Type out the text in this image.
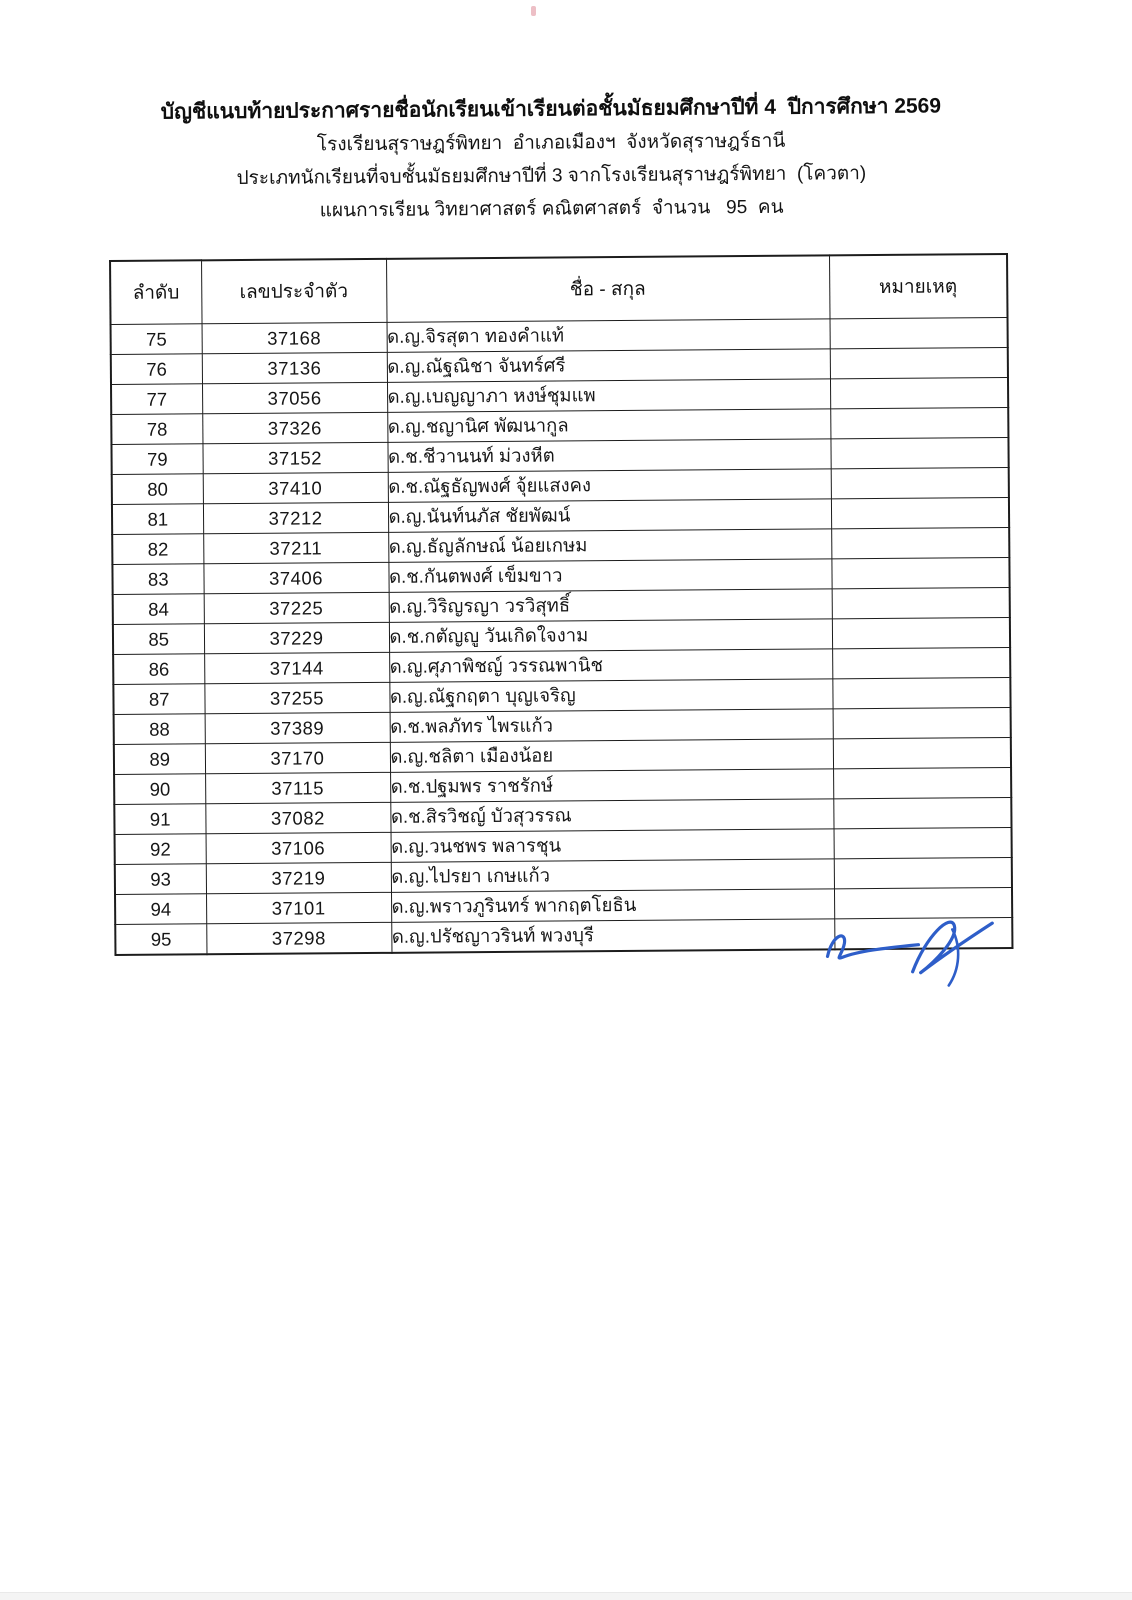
บัญชีแนบท้ายประกาศรายชื่อนักเรียนเข้าเรียนต่อชั้นมัธยมศึกษาปีที่ 4  ปีการศึกษา 2569
โรงเรียนสุราษฎร์พิทยา  อำเภอเมืองฯ  จังหวัดสุราษฎร์ธานี
ประเภทนักเรียนที่จบชั้นมัธยมศึกษาปีที่ 3 จากโรงเรียนสุราษฎร์พิทยา  (โควตา)
แผนการเรียน วิทยาศาสตร์ คณิตศาสตร์  จำนวน   95  คน
ลำดับ	เลขประจำตัว	ชื่อ - สกุล	หมายเหตุ
75	37168	ด.ญ.จิรสุตา ทองคำแท้	
76	37136	ด.ญ.ณัฐณิชา จันทร์ศรี	
77	37056	ด.ญ.เบญญาภา หงษ์ชุมแพ	
78	37326	ด.ญ.ชญานิศ พัฒนากูล	
79	37152	ด.ช.ชีวานนท์ ม่วงหีต	
80	37410	ด.ช.ณัฐธัญพงศ์ จุ้ยแสงคง	
81	37212	ด.ญ.นันท์นภัส ชัยพัฒน์	
82	37211	ด.ญ.ธัญลักษณ์ น้อยเกษม	
83	37406	ด.ช.กันตพงศ์ เข็มขาว	
84	37225	ด.ญ.วิริญรญา วรวิสุทธิ์	
85	37229	ด.ช.กตัญญู วันเกิดใจงาม	
86	37144	ด.ญ.ศุภาพิชญ์ วรรณพานิช	
87	37255	ด.ญ.ณัฐกฤตา บุญเจริญ	
88	37389	ด.ช.พลภัทร ไพรแก้ว	
89	37170	ด.ญ.ชลิตา เมืองน้อย	
90	37115	ด.ช.ปฐมพร ราชรักษ์	
91	37082	ด.ช.สิรวิชญ์ บัวสุวรรณ	
92	37106	ด.ญ.วนชพร พลารชุน	
93	37219	ด.ญ.ไปรยา เกษแก้ว	
94	37101	ด.ญ.พราวภูรินทร์ พากฤตโยธิน	
95	37298	ด.ญ.ปรัชญาวรินท์ พวงบุรี	
